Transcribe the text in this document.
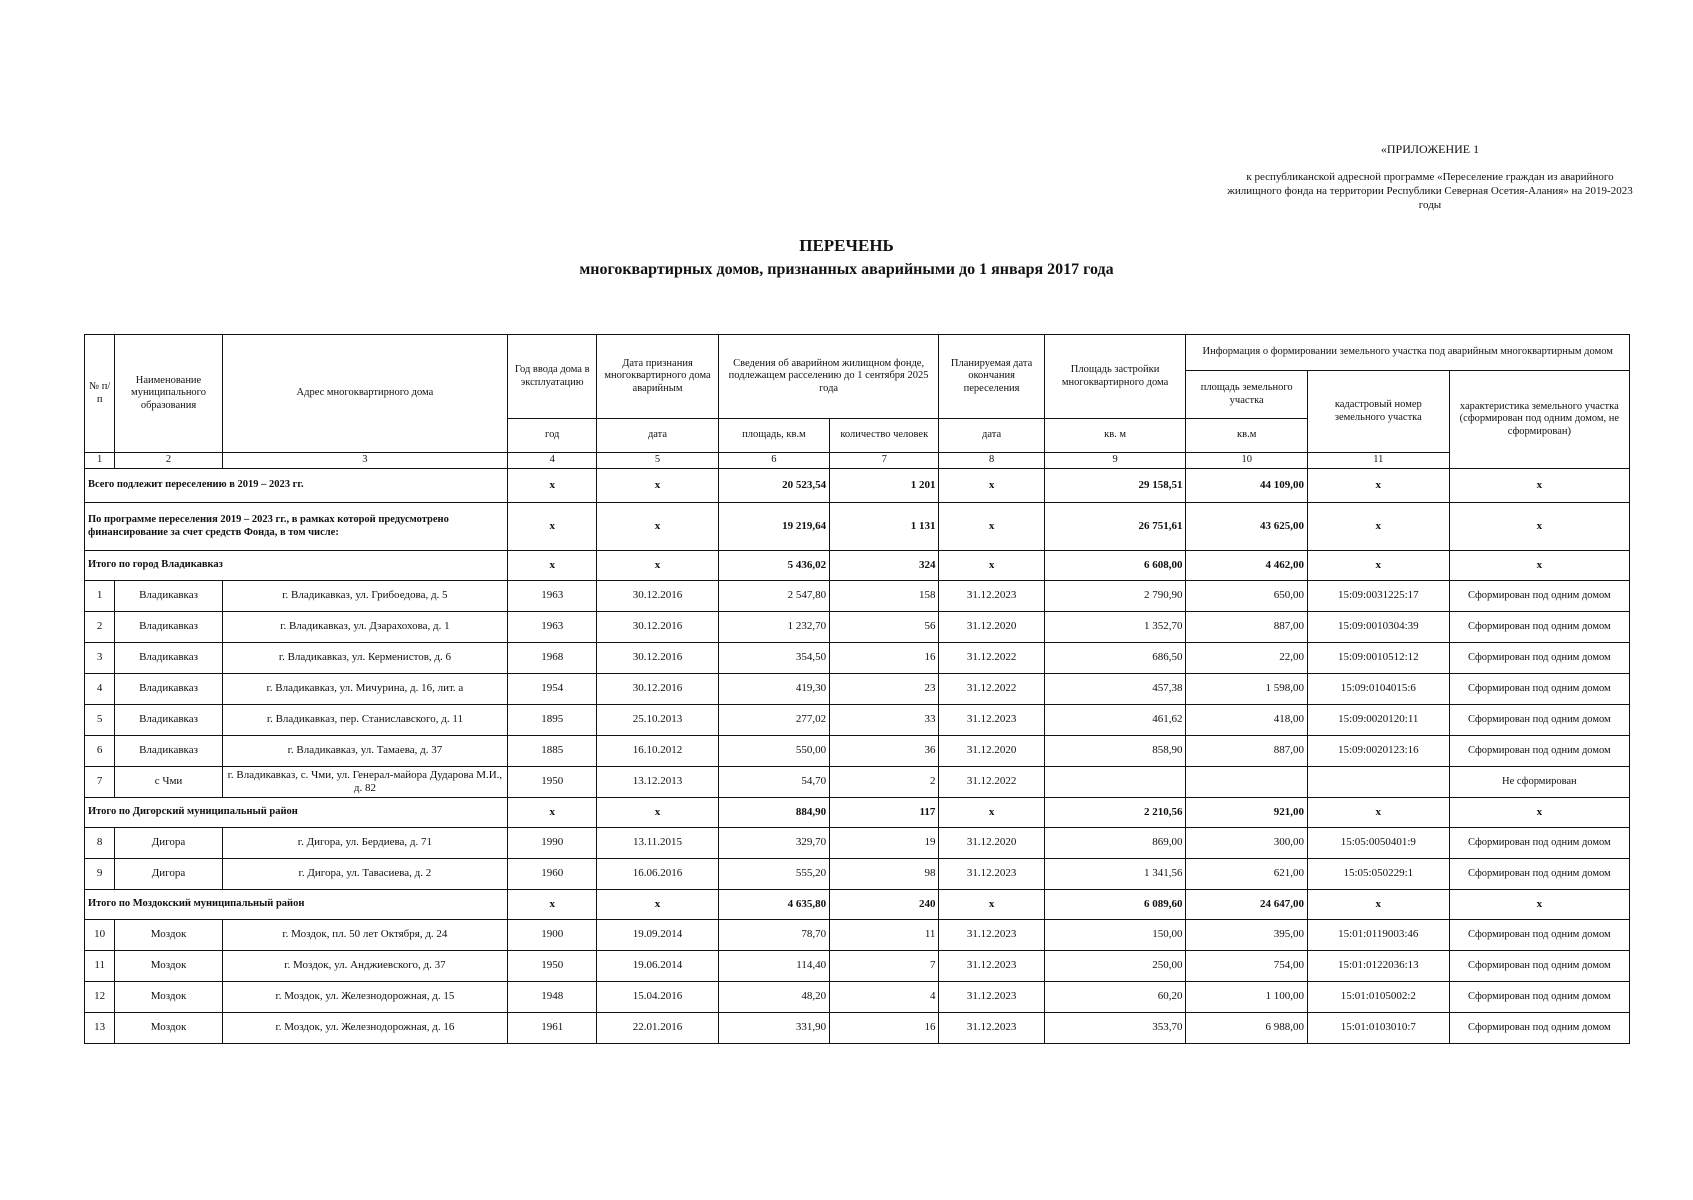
«ПРИЛОЖЕНИЕ 1
к республиканской адресной программе «Переселение граждан из аварийного жилищного фонда на территории Республики Северная Осетия-Алания» на 2019-2023 годы
ПЕРЕЧЕНЬ
многоквартирных домов, признанных аварийными до 1 января 2017 года
№ п/п	Наименование муниципального образования	Адрес многоквартирного дома	Год ввода дома в эксплуатацию	Дата признания многоквартирного дома аварийным	Сведения об аварийном жилищном фонде, подлежащем расселению до 1 сентября 2025 года		Планируемая дата окончания переселения	Площадь застройки многоквартирного дома	Информация о формировании земельного участка под аварийным многоквартирным домом		
									площадь земельного участка	кадастровый номер земельного участка	характеристика земельного участка (сформирован под одним домом, не сформирован)
			год	дата	площадь, кв.м	количество человек	дата	кв. м	кв.м		
1	2	3	4	5	6	7	8	9	10	11	
Всего подлежит переселению в 2019 – 2023 гг.			x	x	20 523,54	1 201	x	29 158,51	44 109,00	x	x
По программе переселения 2019 – 2023 гг., в рамках которой предусмотрено финансирование за счет средств Фонда, в том числе:			x	x	19 219,64	1 131	x	26 751,61	43 625,00	x	x
Итого по город Владикавказ			x	x	5 436,02	324	x	6 608,00	4 462,00	x	x
1	Владикавказ	г. Владикавказ, ул. Грибоедова, д. 5	1963	30.12.2016	2 547,80	158	31.12.2023	2 790,90	650,00	15:09:0031225:17	Сформирован под одним домом
2	Владикавказ	г. Владикавказ, ул. Дзарахохова, д. 1	1963	30.12.2016	1 232,70	56	31.12.2020	1 352,70	887,00	15:09:0010304:39	Сформирован под одним домом
3	Владикавказ	г. Владикавказ, ул. Керменистов, д. 6	1968	30.12.2016	354,50	16	31.12.2022	686,50	22,00	15:09:0010512:12	Сформирован под одним домом
4	Владикавказ	г. Владикавказ, ул. Мичурина, д. 16, лит. а	1954	30.12.2016	419,30	23	31.12.2022	457,38	1 598,00	15:09:0104015:6	Сформирован под одним домом
5	Владикавказ	г. Владикавказ, пер. Станиславского, д. 11	1895	25.10.2013	277,02	33	31.12.2023	461,62	418,00	15:09:0020120:11	Сформирован под одним домом
6	Владикавказ	г. Владикавказ, ул. Тамаева, д. 37	1885	16.10.2012	550,00	36	31.12.2020	858,90	887,00	15:09:0020123:16	Сформирован под одним домом
7	с Чми	г. Владикавказ, с. Чми, ул. Генерал-майора Дударова М.И., д. 82	1950	13.12.2013	54,70	2	31.12.2022				Не сформирован
Итого по Дигорский муниципальный район			x	x	884,90	117	x	2 210,56	921,00	x	x
8	Дигора	г. Дигора, ул. Бердиева, д. 71	1990	13.11.2015	329,70	19	31.12.2020	869,00	300,00	15:05:0050401:9	Сформирован под одним домом
9	Дигора	г. Дигора, ул. Тавасиева, д. 2	1960	16.06.2016	555,20	98	31.12.2023	1 341,56	621,00	15:05:050229:1	Сформирован под одним домом
Итого по Моздокский муниципальный район			x	x	4 635,80	240	x	6 089,60	24 647,00	x	x
10	Моздок	г. Моздок, пл. 50 лет Октября, д. 24	1900	19.09.2014	78,70	11	31.12.2023	150,00	395,00	15:01:0119003:46	Сформирован под одним домом
11	Моздок	г. Моздок, ул. Анджиевского, д. 37	1950	19.06.2014	114,40	7	31.12.2023	250,00	754,00	15:01:0122036:13	Сформирован под одним домом
12	Моздок	г. Моздок, ул. Железнодорожная, д. 15	1948	15.04.2016	48,20	4	31.12.2023	60,20	1 100,00	15:01:0105002:2	Сформирован под одним домом
13	Моздок	г. Моздок, ул. Железнодорожная, д. 16	1961	22.01.2016	331,90	16	31.12.2023	353,70	6 988,00	15:01:0103010:7	Сформирован под одним домом
